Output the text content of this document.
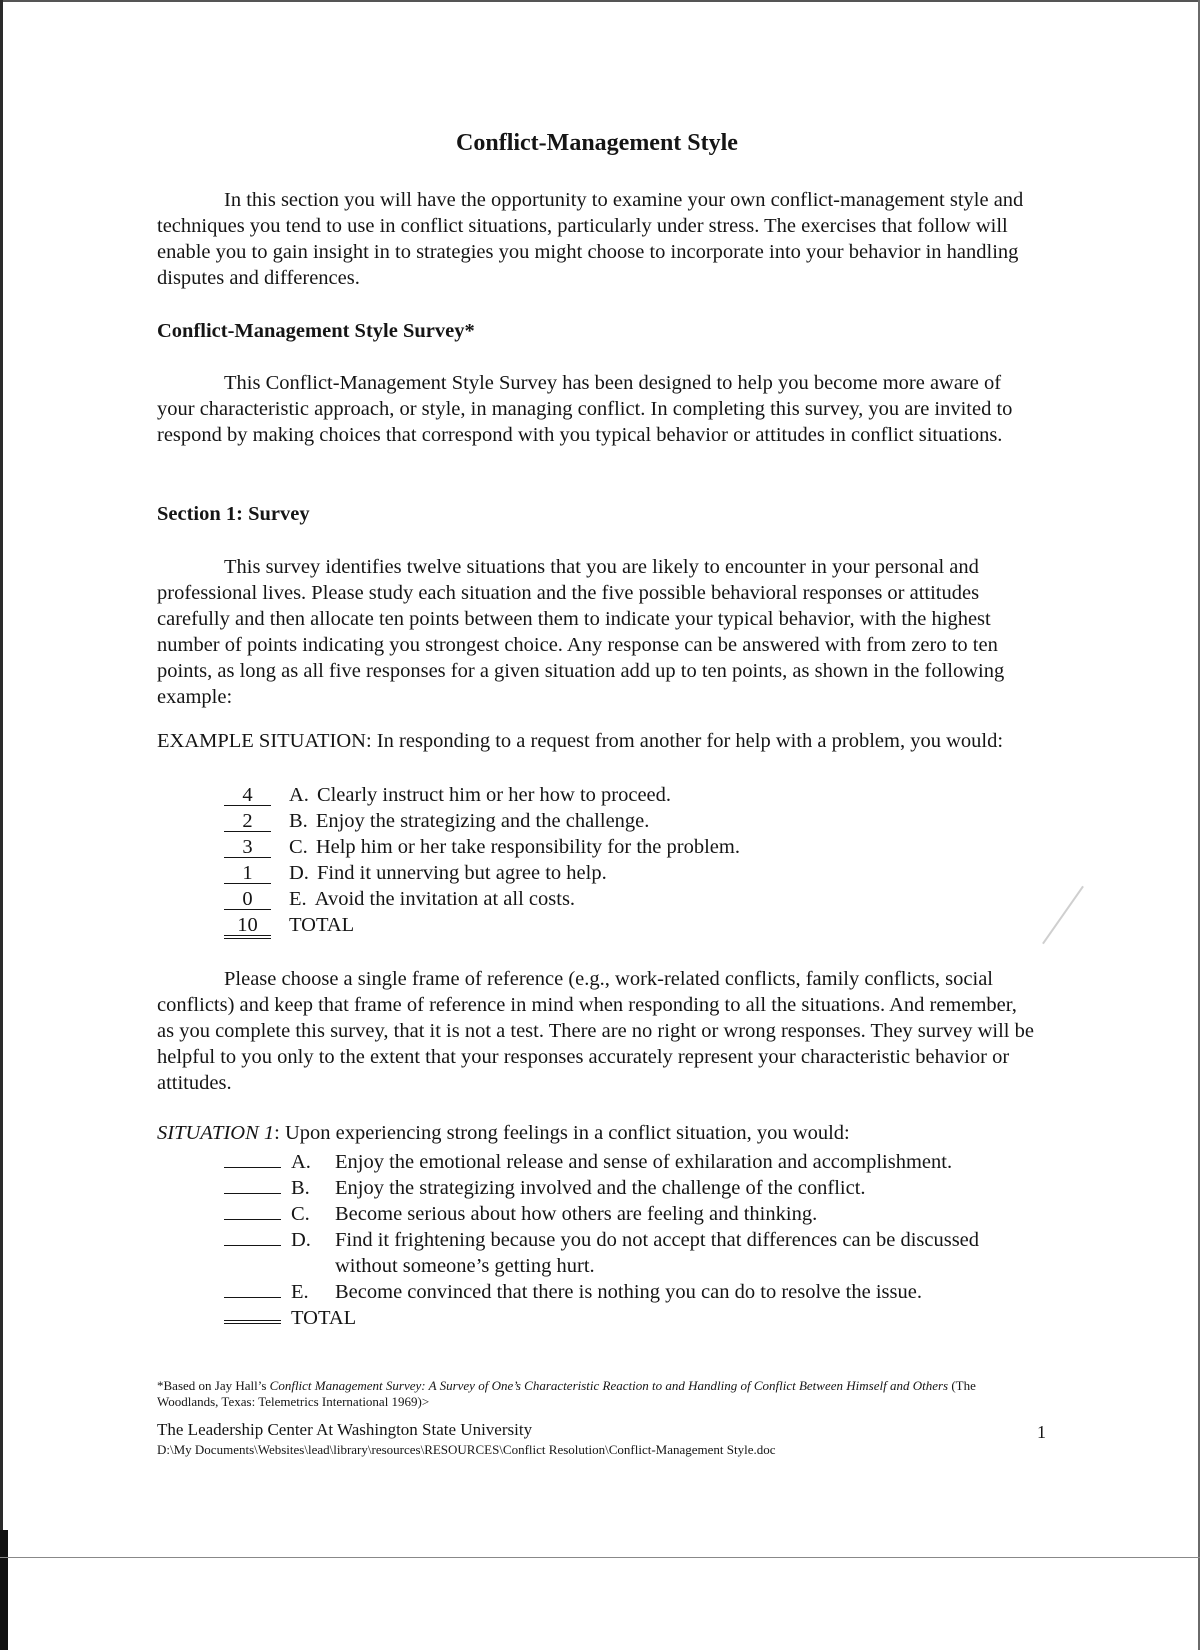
Conflict-Management Style

In this section you will have the opportunity to examine your own conflict-management style and techniques you tend to use in conflict situations, particularly under stress. The exercises that follow will enable you to gain insight in to strategies you might choose to incorporate into your behavior in handling disputes and differences.

Conflict-Management Style Survey*

This Conflict-Management Style Survey has been designed to help you become more aware of your characteristic approach, or style, in managing conflict. In completing this survey, you are invited to respond by making choices that correspond with you typical behavior or attitudes in conflict situations.

Section 1: Survey

This survey identifies twelve situations that you are likely to encounter in your personal and professional lives. Please study each situation and the five possible behavioral responses or attitudes carefully and then allocate ten points between them to indicate your typical behavior, with the highest number of points indicating you strongest choice. Any response can be answered with from zero to ten points, as long as all five responses for a given situation add up to ten points, as shown in the following example:

EXAMPLE SITUATION: In responding to a request from another for help with a problem, you would:

4 A. Clearly instruct him or her how to proceed.
2 B. Enjoy the strategizing and the challenge.
3 C. Help him or her take responsibility for the problem.
1 D. Find it unnerving but agree to help.
0 E. Avoid the invitation at all costs.
10 TOTAL

Please choose a single frame of reference (e.g., work-related conflicts, family conflicts, social conflicts) and keep that frame of reference in mind when responding to all the situations. And remember, as you complete this survey, that it is not a test. There are no right or wrong responses. They survey will be helpful to you only to the extent that your responses accurately represent your characteristic behavior or attitudes.

SITUATION 1: Upon experiencing strong feelings in a conflict situation, you would:

A. Enjoy the emotional release and sense of exhilaration and accomplishment.
B. Enjoy the strategizing involved and the challenge of the conflict.
C. Become serious about how others are feeling and thinking.
D. Find it frightening because you do not accept that differences can be discussed without someone’s getting hurt.
E. Become convinced that there is nothing you can do to resolve the issue.
TOTAL

*Based on Jay Hall’s Conflict Management Survey: A Survey of One’s Characteristic Reaction to and Handling of Conflict Between Himself and Others (The Woodlands, Texas: Telemetrics International 1969)>

The Leadership Center At Washington State University

D:\My Documents\Websites\lead\library\resources\RESOURCES\Conflict Resolution\Conflict-Management Style.doc

1
